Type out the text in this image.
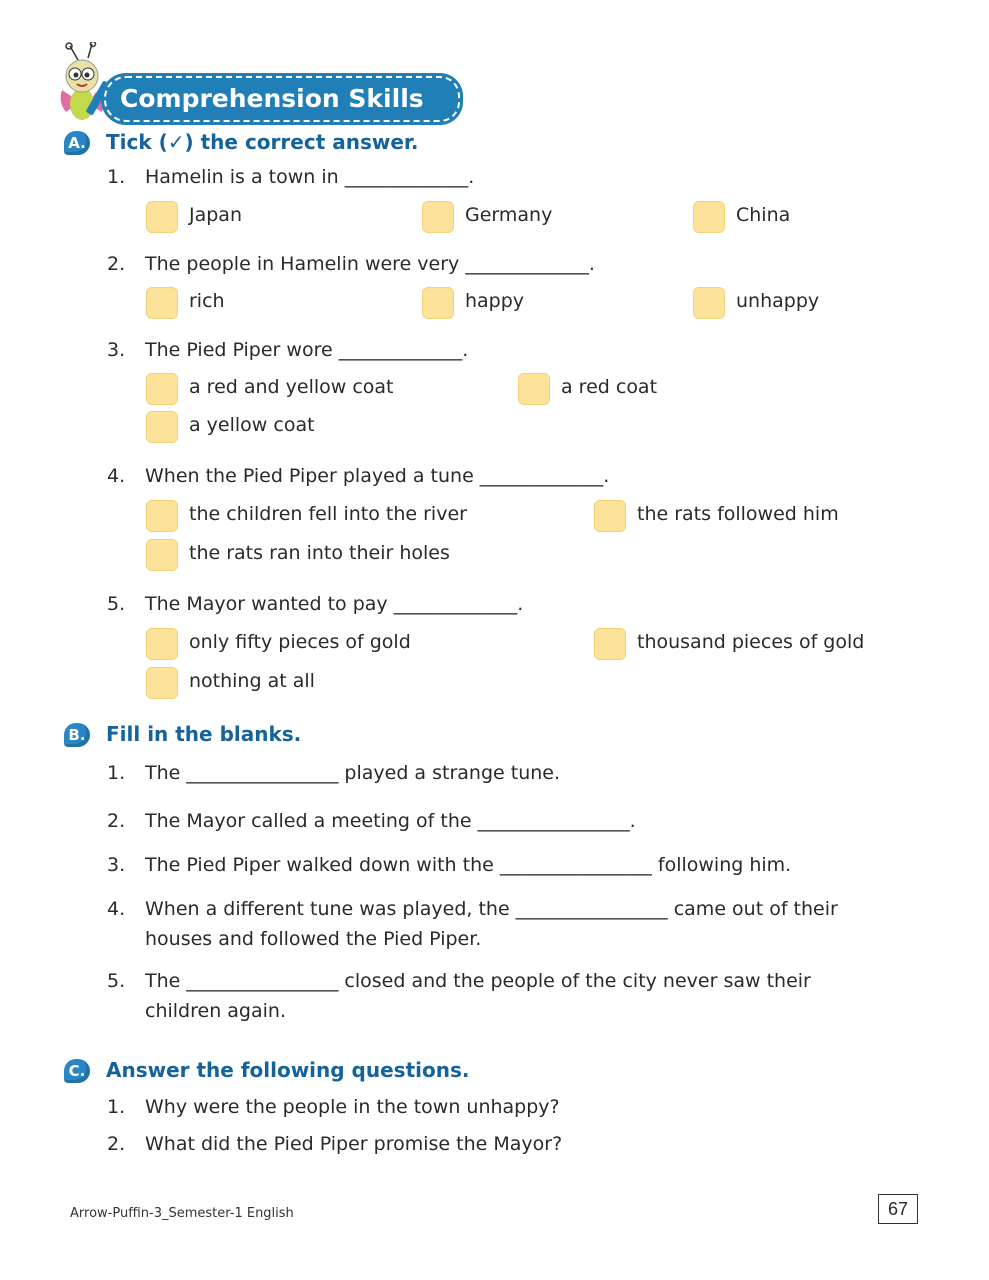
Comprehension Skills
A. Tick (✓) the correct answer.
1. Hamelin is a town in _____________.
Japan	Germany	China
2. The people in Hamelin were very _____________.
rich	happy	unhappy
3. The Pied Piper wore _____________.
a red and yellow coat	a red coat
a yellow coat
4. When the Pied Piper played a tune _____________.
the children fell into the river	the rats followed him
the rats ran into their holes
5. The Mayor wanted to pay _____________.
only fifty pieces of gold	thousand pieces of gold
nothing at all
B. Fill in the blanks.
1. The ________________ played a strange tune.
2. The Mayor called a meeting of the ________________.
3. The Pied Piper walked down with the ________________ following him.
4. When a different tune was played, the ________________ came out of their
houses and followed the Pied Piper.
5. The ________________ closed and the people of the city never saw their
children again.
C. Answer the following questions.
1. Why were the people in the town unhappy?
2. What did the Pied Piper promise the Mayor?
Arrow-Puffin-3_Semester-1 English	67
